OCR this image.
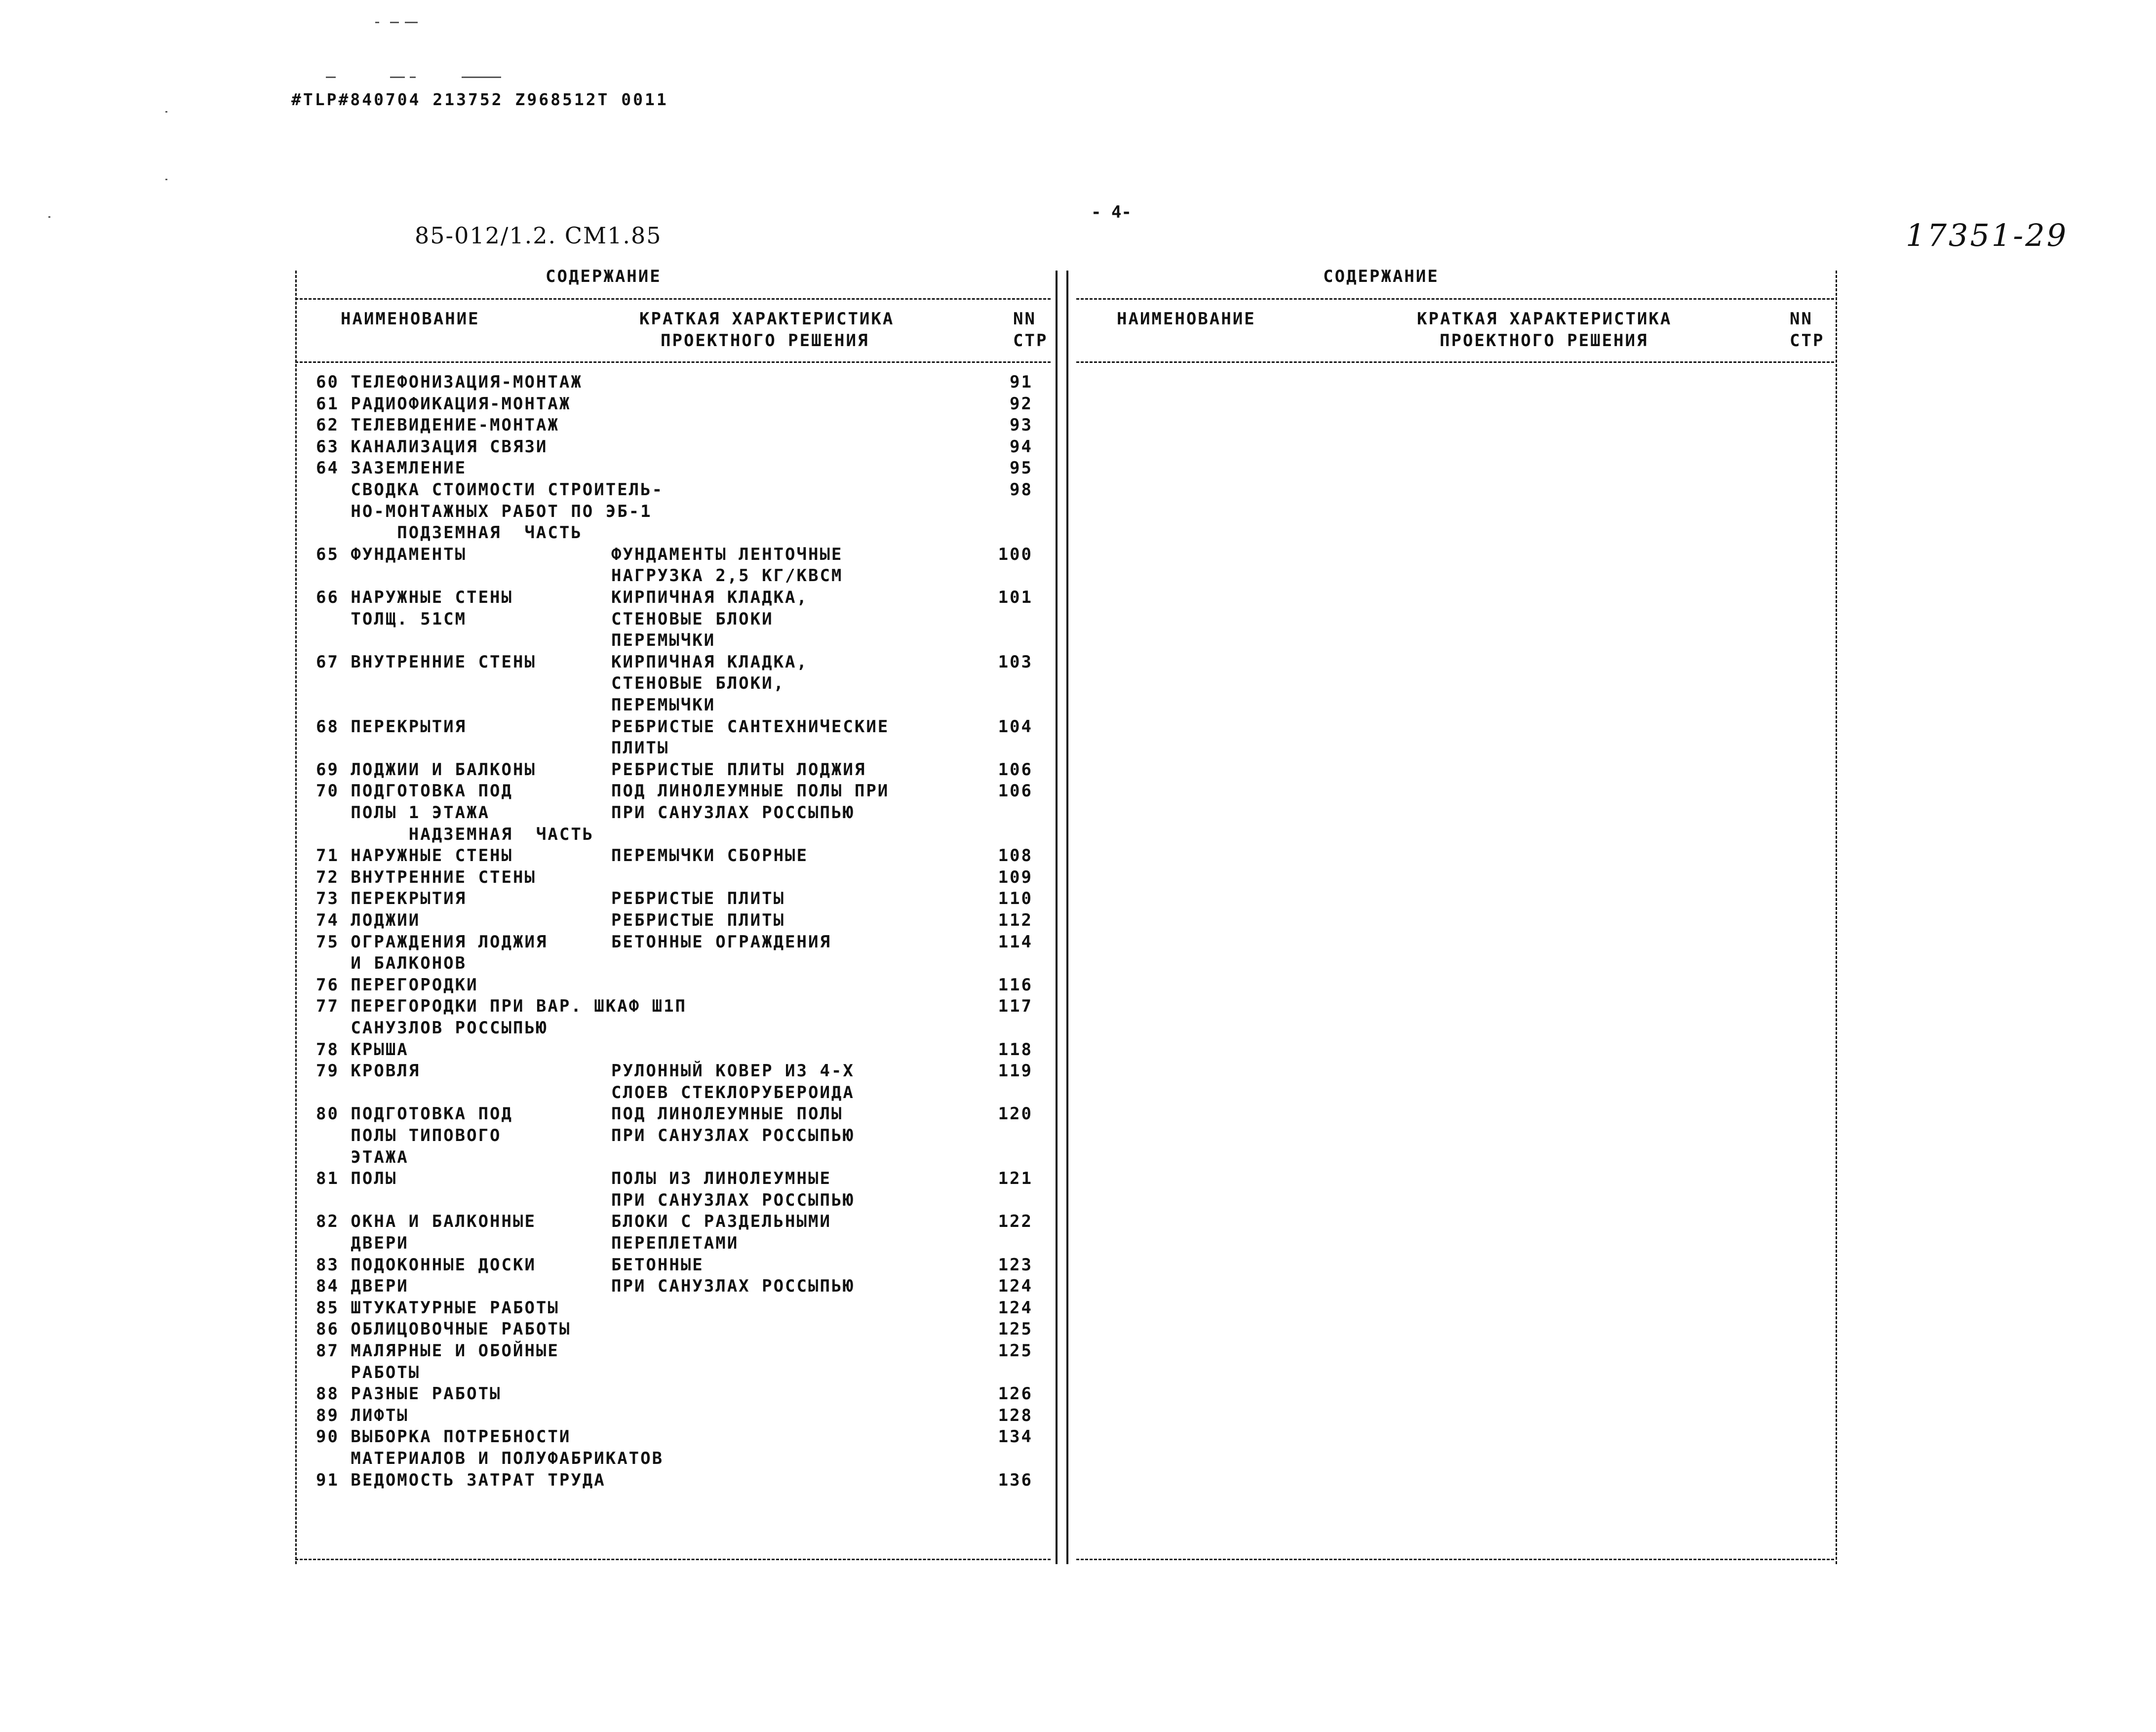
#TLP#840704 213752 Z968512T 0011
85-012/1.2. CM1.85
- 4-
17351-29
СОДЕРЖАНИЕ	СОДЕРЖАНИЕ
НАИМЕНОВАНИЕ	КРАТКАЯ ХАРАКТЕРИСТИКА
ПРОЕКТНОГО РЕШЕНИЯ
NN
СТР
НАИМЕНОВАНИЕ	КРАТКАЯ ХАРАКТЕРИСТИКА
ПРОЕКТНОГО РЕШЕНИЯ
NN
СТР
60 ТЕЛЕФОНИЗАЦИЯ-МОНТАЖ	91
61 РАДИОФИКАЦИЯ-МОНТАЖ	92
62 ТЕЛЕВИДЕНИЕ-МОНТАЖ	93
63 КАНАЛИЗАЦИЯ СВЯЗИ	94
64 ЗАЗЕМЛЕНИЕ	95
СВОДКА СТОИМОСТИ СТРОИТЕЛЬ-	98
НО-МОНТАЖНЫХ РАБОТ ПО ЭБ-1
ПОДЗЕМНАЯ  ЧАСТЬ
65 ФУНДАМЕНТЫ	ФУНДАМЕНТЫ ЛЕНТОЧНЫЕ	100
НАГРУЗКА 2,5 КГ/КВСМ
66 НАРУЖНЫЕ СТЕНЫ	КИРПИЧНАЯ КЛАДКА,	101
ТОЛЩ. 51СМ	СТЕНОВЫЕ БЛОКИ
ПЕРЕМЫЧКИ
67 ВНУТРЕННИЕ СТЕНЫ	КИРПИЧНАЯ КЛАДКА,	103
СТЕНОВЫЕ БЛОКИ,
ПЕРЕМЫЧКИ
68 ПЕРЕКРЫТИЯ	РЕБРИСТЫЕ САНТЕХНИЧЕСКИЕ	104
ПЛИТЫ
69 ЛОДЖИИ И БАЛКОНЫ	РЕБРИСТЫЕ ПЛИТЫ ЛОДЖИЯ	106
70 ПОДГОТОВКА ПОД	ПОД ЛИНОЛЕУМНЫЕ ПОЛЫ ПРИ	106
ПОЛЫ 1 ЭТАЖА	ПРИ САНУЗЛАХ РОССЫПЬЮ
НАДЗЕМНАЯ  ЧАСТЬ
71 НАРУЖНЫЕ СТЕНЫ	ПЕРЕМЫЧКИ СБОРНЫЕ	108
72 ВНУТРЕННИЕ СТЕНЫ	109
73 ПЕРЕКРЫТИЯ	РЕБРИСТЫЕ ПЛИТЫ	110
74 ЛОДЖИИ	РЕБРИСТЫЕ ПЛИТЫ	112
75 ОГРАЖДЕНИЯ ЛОДЖИЯ	БЕТОННЫЕ ОГРАЖДЕНИЯ	114
И БАЛКОНОВ
76 ПЕРЕГОРОДКИ	116
77 ПЕРЕГОРОДКИ ПРИ ВАР. ШКАФ Ш1П	117
САНУЗЛОВ РОССЫПЬЮ
78 КРЫША	118
79 КРОВЛЯ	РУЛОННЫЙ КОВЕР ИЗ 4-Х	119
СЛОЕВ СТЕКЛОРУБЕРОИДА
80 ПОДГОТОВКА ПОД	ПОД ЛИНОЛЕУМНЫЕ ПОЛЫ	120
ПОЛЫ ТИПОВОГО	ПРИ САНУЗЛАХ РОССЫПЬЮ
ЭТАЖА
81 ПОЛЫ	ПОЛЫ ИЗ ЛИНОЛЕУМНЫЕ	121
ПРИ САНУЗЛАХ РОССЫПЬЮ
82 ОКНА И БАЛКОННЫЕ	БЛОКИ С РАЗДЕЛЬНЫМИ	122
ДВЕРИ	ПЕРЕПЛЕТАМИ
83 ПОДОКОННЫЕ ДОСКИ	БЕТОННЫЕ	123
84 ДВЕРИ	ПРИ САНУЗЛАХ РОССЫПЬЮ	124
85 ШТУКАТУРНЫЕ РАБОТЫ	124
86 ОБЛИЦОВОЧНЫЕ РАБОТЫ	125
87 МАЛЯРНЫЕ И ОБОЙНЫЕ	125
РАБОТЫ
88 РАЗНЫЕ РАБОТЫ	126
89 ЛИФТЫ	128
90 ВЫБОРКА ПОТРЕБНОСТИ	134
МАТЕРИАЛОВ И ПОЛУФАБРИКАТОВ
91 ВЕДОМОСТЬ ЗАТРАТ ТРУДА	136
